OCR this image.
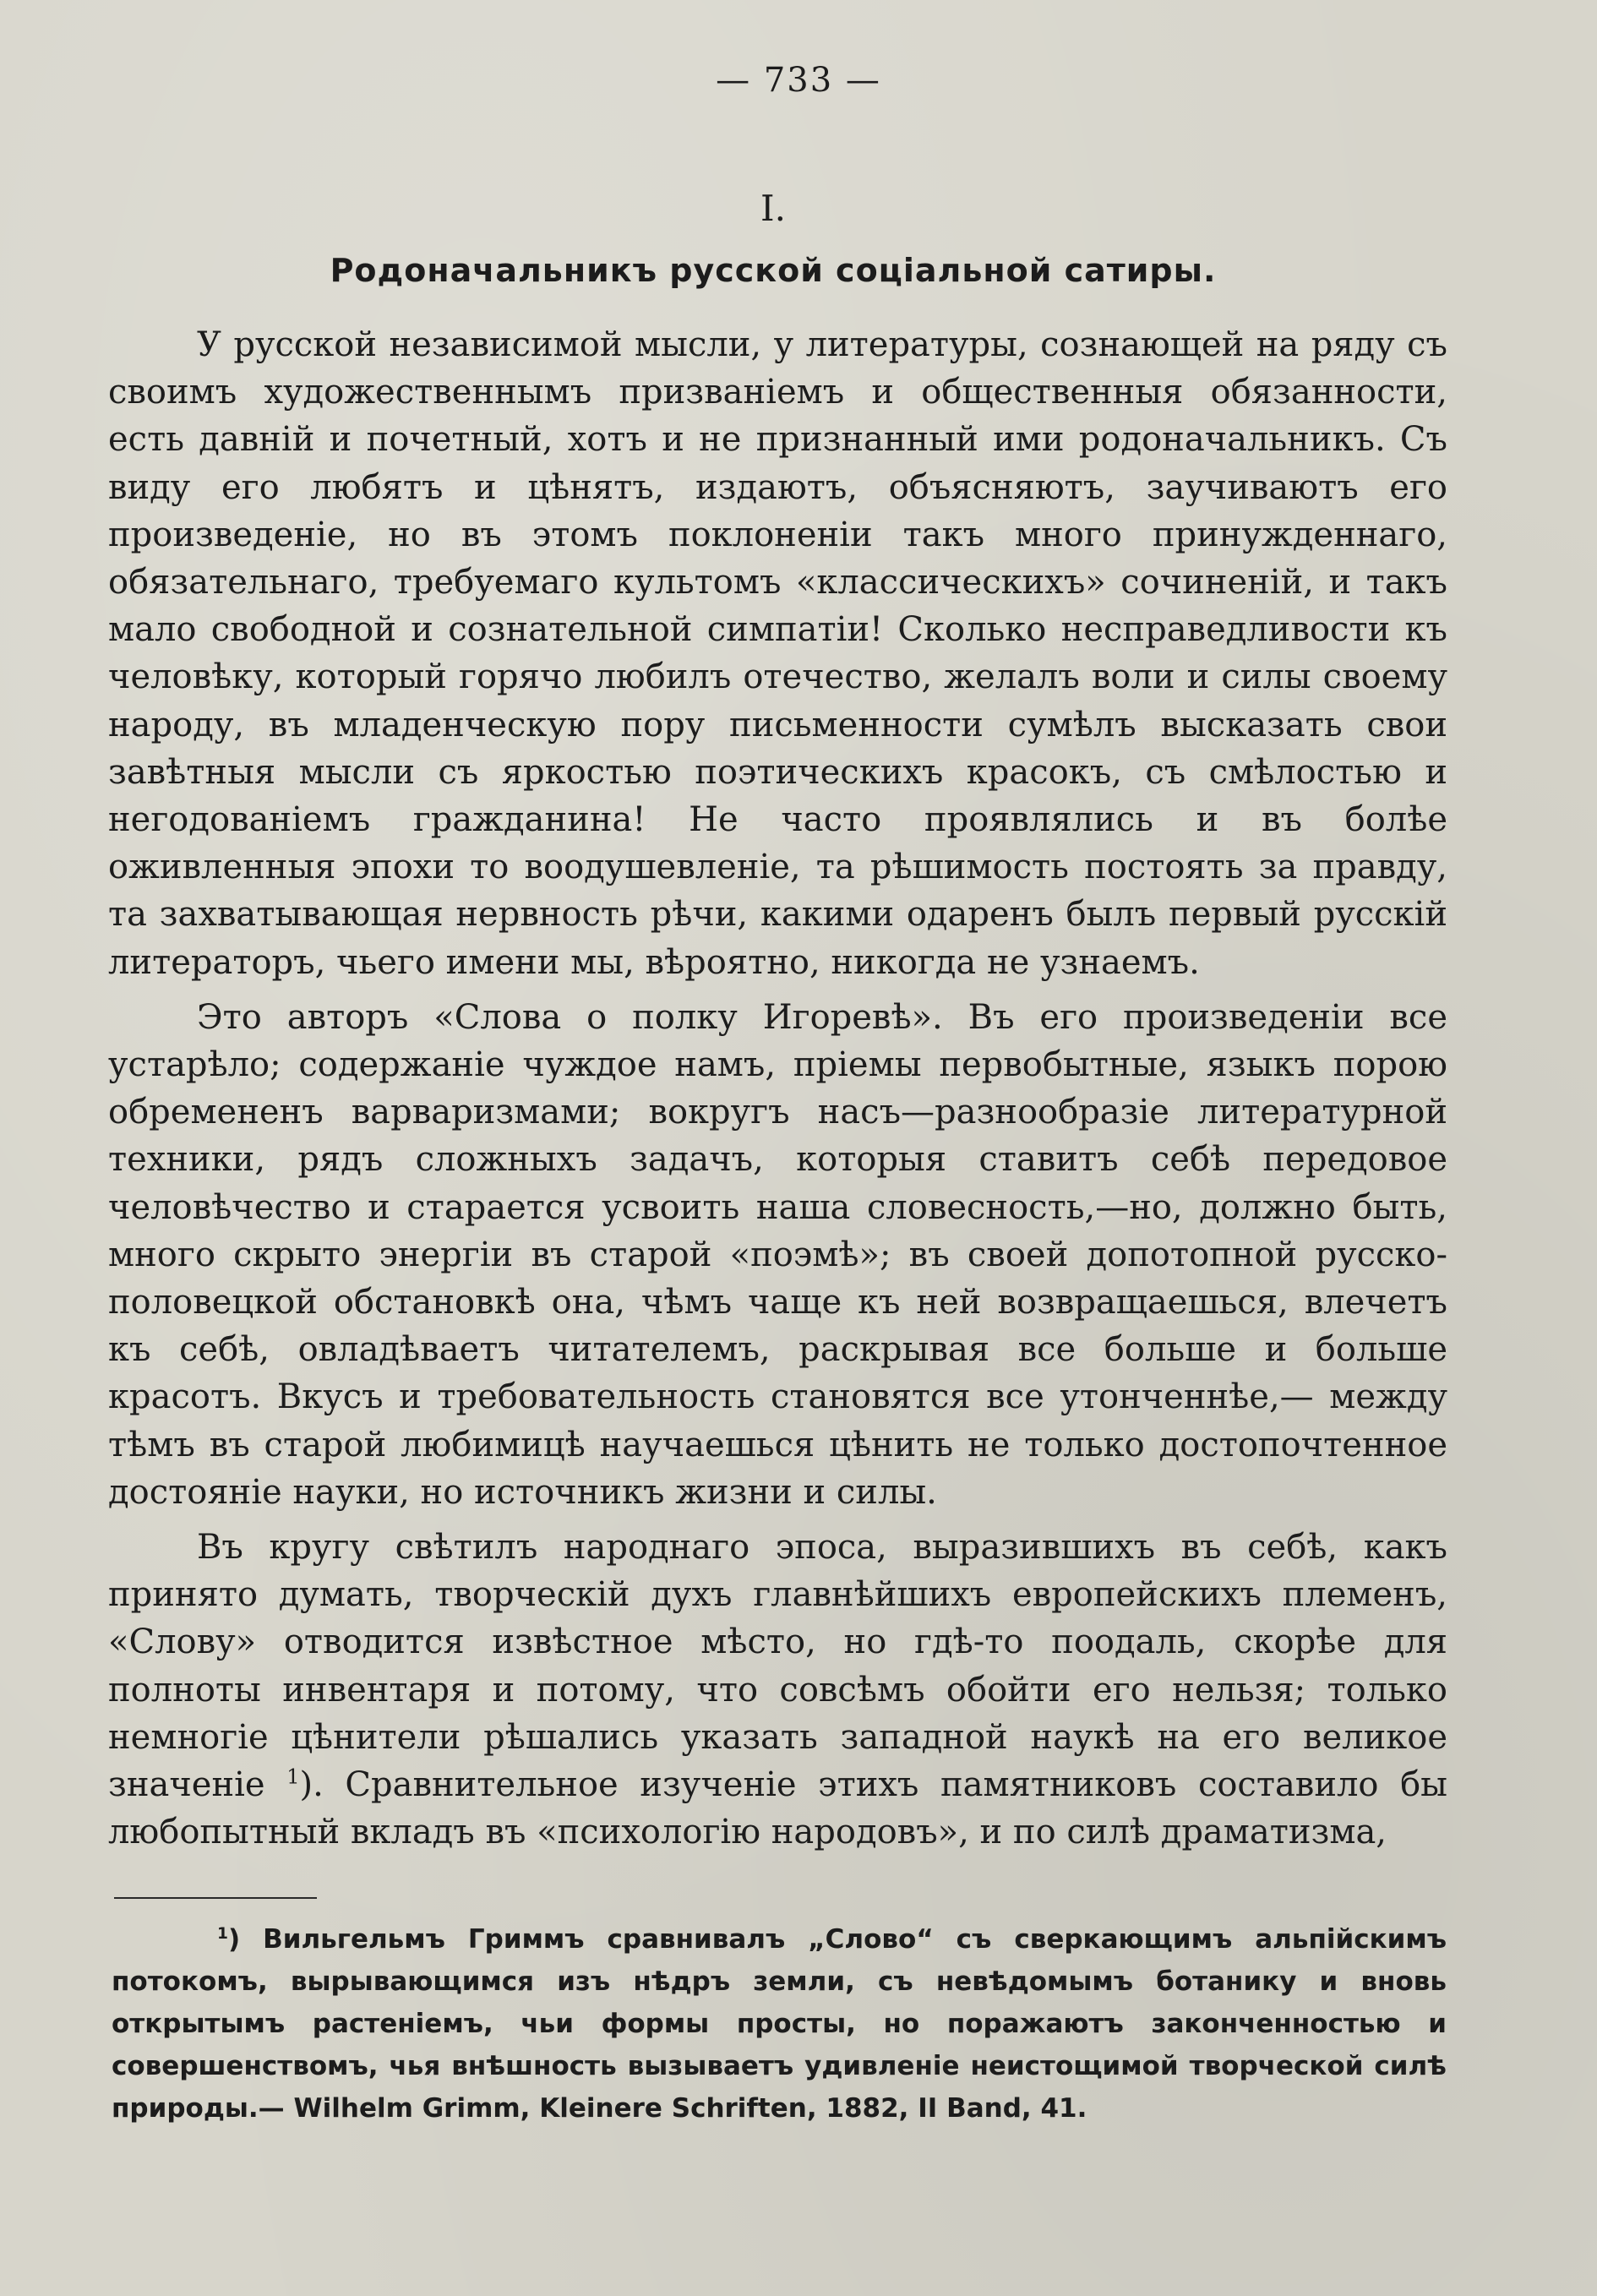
— 733 —
I.
Родоначальникъ русской соціальной сатиры.

У русской независимой мысли, у литературы, сознающей на ряду съ своимъ художественнымъ призваніемъ и общественныя обязанности, есть давній и почетный, хотъ и не признанный ими родоначальникъ. Съ виду его любятъ и цѣнятъ, издаютъ, объясняютъ, заучиваютъ его произведеніе, но въ этомъ поклоненіи такъ много принужденнаго, обязательнаго, требуемаго культомъ «классическихъ» сочиненій, и такъ мало свободной и сознательной симпатіи! Сколько несправедливости къ человѣку, который горячо любилъ отечество, желалъ воли и силы своему народу, въ младенческую пору письменности сумѣлъ высказать свои завѣтныя мысли съ яркостью поэтическихъ красокъ, съ смѣлостью и негодованіемъ гражданина! Не часто проявлялись и въ болѣе оживленныя эпохи то воодушевленіе, та рѣшимость постоять за правду, та захватывающая нервность рѣчи, какими одаренъ былъ первый русскій литераторъ, чьего имени мы, вѣроятно, никогда не узнаемъ.

Это авторъ «Слова о полку Игоревѣ». Въ его произведеніи все устарѣло; содержаніе чуждое намъ, пріемы первобытные, языкъ порою обремененъ варваризмами; вокругъ насъ—разнообразіе литературной техники, рядъ сложныхъ задачъ, которыя ставитъ себѣ передовое человѣчество и старается усвоить наша словесность,—но, должно быть, много скрыто энергіи въ старой «поэмѣ»; въ своей допотопной русско-половецкой обстановкѣ она, чѣмъ чаще къ ней возвращаешься, влечетъ къ себѣ, овладѣваетъ читателемъ, раскрывая все больше и больше красотъ. Вкусъ и требовательность становятся все утонченнѣе,— между тѣмъ въ старой любимицѣ научаешься цѣнить не только достопочтенное достояніе науки, но источникъ жизни и силы.

Въ кругу свѣтилъ народнаго эпоса, выразившихъ въ себѣ, какъ принято думать, творческій духъ главнѣйшихъ европейскихъ племенъ, «Слову» отводится извѣстное мѣсто, но гдѣ-то поодаль, скорѣе для полноты инвентаря и потому, что совсѣмъ обойти его нельзя; только немногіе цѣнители рѣшались указать западной наукѣ на его великое значеніе $^1$). Сравнительное изученіе этихъ памятниковъ составило бы любопытный вкладъ въ «психологію народовъ», и по силѣ драматизма,

$^1$) Вильгельмъ Гриммъ сравнивалъ „Слово“ съ сверкающимъ альпійскимъ потокомъ, вырывающимся изъ нѣдръ земли, съ невѣдомымъ ботанику и вновь открытымъ растеніемъ, чьи формы просты, но поражаютъ законченностью и совершенствомъ, чья внѣшность вызываетъ удивленіе неистощимой творческой силѣ природы.— Wilhelm Grimm, Kleinere Schriften, 1882, II Band, 41.
